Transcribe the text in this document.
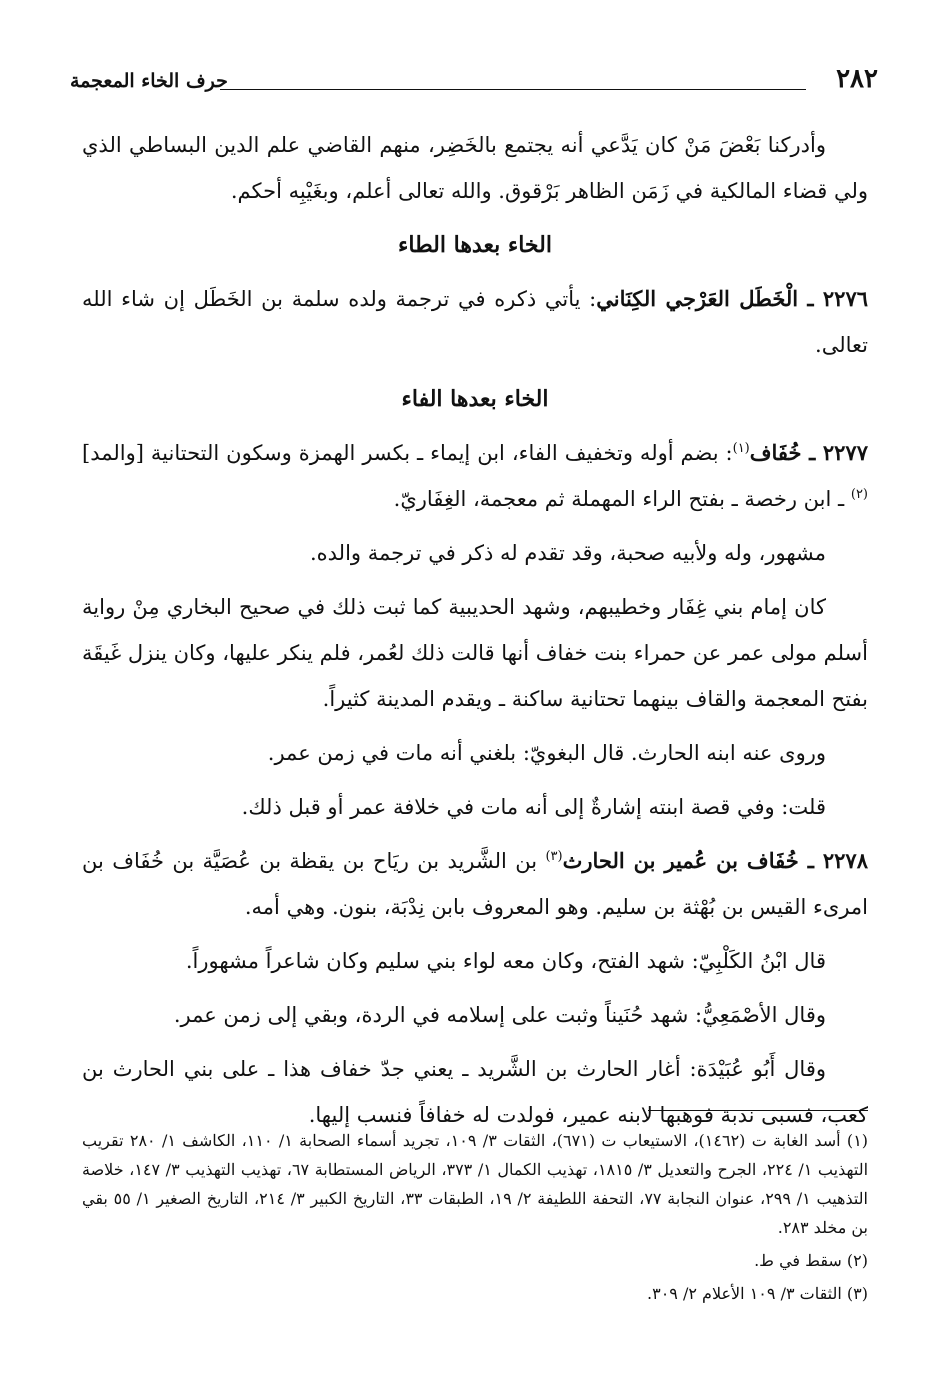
٢٨٢
حرف الخاء المعجمة

وأدركنا بَعْضَ مَنْ كان يَدَّعي أنه يجتمع بالخَضِر، منهم القاضي علم الدين البساطي الذي ولي قضاء المالكية في زَمَن الظاهر بَرْقوق. والله تعالى أعلم، وبغَيْبِه أحكم.

الخاء بعدها الطاء

٢٢٧٦ ـ الْخَطَل العَرْجي الكِنَاني: يأتي ذكره في ترجمة ولده سلمة بن الخَطَل إن شاء الله تعالى.

الخاء بعدها الفاء

٢٢٧٧ ـ خُفَاف$^{(١)}$: بضم أوله وتخفيف الفاء، ابن إيماء ـ بكسر الهمزة وسكون التحتانية [والمد]$^{(٢)}$ ـ ابن رخصة ـ بفتح الراء المهملة ثم معجمة، الغِفَاريّ.

مشهور، وله ولأبيه صحبة، وقد تقدم له ذكر في ترجمة والده.

كان إمام بني غِفَار وخطيبهم، وشهد الحديبية كما ثبت ذلك في صحيح البخاري مِنْ رواية أسلم مولى عمر عن حمراء بنت خفاف أنها قالت ذلك لعُمر، فلم ينكر عليها، وكان ينزل غَيقَة بفتح المعجمة والقاف بينهما تحتانية ساكنة ـ ويقدم المدينة كثيراً.

وروى عنه ابنه الحارث. قال البغويّ: بلغني أنه مات في زمن عمر.

قلت: وفي قصة ابنته إشارةٌ إلى أنه مات في خلافة عمر أو قبل ذلك.

٢٢٧٨ ـ خُفَاف بن عُمير بن الحارث$^{(٣)}$ بن الشَّريد بن ريَاح بن يقظة بن عُصَيَّة بن خُفَاف بن امرىء القيس بن بُهْثة بن سليم. وهو المعروف بابن نِدْبَة، بنون. وهي أمه.

قال ابْنُ الكَلْبِيّ: شهد الفتح، وكان معه لواء بني سليم وكان شاعراً مشهوراً.

وقال الأصْمَعِيُّ: شهد حُنَيناً وثبت على إسلامه في الردة، وبقي إلى زمن عمر.

وقال أَبُو عُبَيْدَة: أغار الحارث بن الشَّريد ـ يعني جدّ خفاف هذا ـ على بني الحارث بن كعب، فسبى ندبة فوهبها لابنه عمير، فولدت له خفافاً فنسب إليها.

(١) أسد الغابة ت (١٤٦٢)، الاستيعاب ت (٦٧١)، الثقات ٣/ ١٠٩، تجريد أسماء الصحابة ١/ ١١٠، الكاشف ١/ ٢٨٠ تقريب التهذيب ١/ ٢٢٤، الجرح والتعديل ٣/ ١٨١٥، تهذيب الكمال ١/ ٣٧٣، الرياض المستطابة ٦٧، تهذيب التهذيب ٣/ ١٤٧، خلاصة التذهيب ١/ ٢٩٩، عنوان النجابة ٧٧، التحفة اللطيفة ٢/ ١٩، الطبقات ٣٣، التاريخ الكبير ٣/ ٢١٤، التاريخ الصغير ١/ ٥٥ بقي بن مخلد ٢٨٣.

(٢) سقط في ط.

(٣) الثقات ٣/ ١٠٩ الأعلام ٢/ ٣٠٩.
